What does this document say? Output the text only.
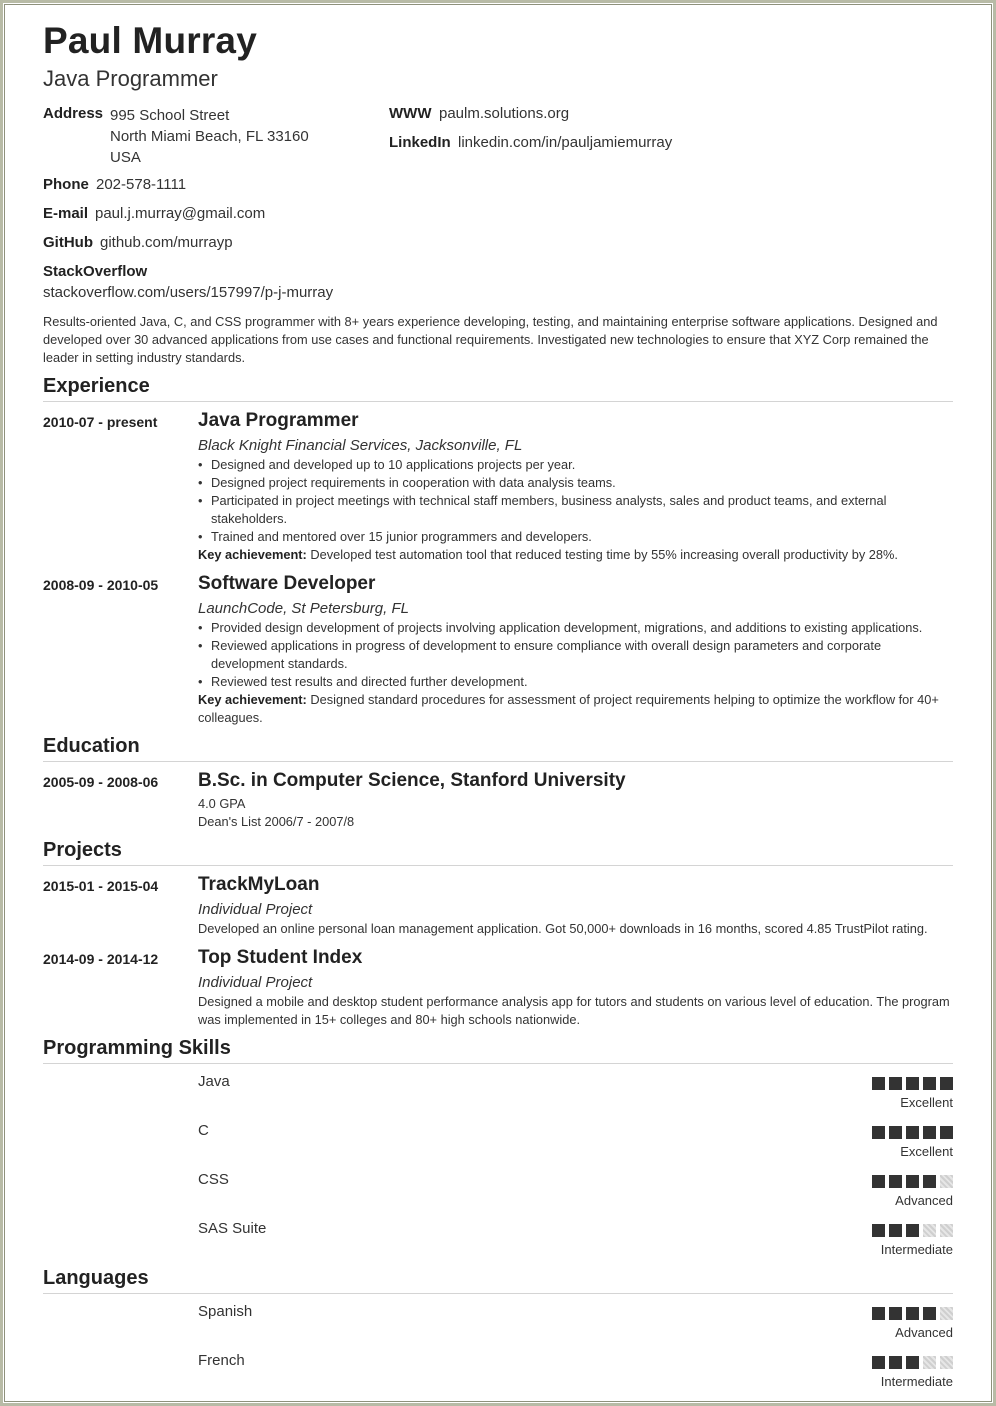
Paul Murray
Java Programmer
Address 995 School Street
North Miami Beach, FL 33160
USA
WWW paulm.solutions.org
LinkedIn linkedin.com/in/pauljamiemurray
Phone 202-578-1111
E-mail paul.j.murray@gmail.com
GitHub github.com/murrayp
StackOverflow
stackoverflow.com/users/157997/p-j-murray
Results-oriented Java, C, and CSS programmer with 8+ years experience developing, testing, and maintaining enterprise software applications. Designed and developed over 30 advanced applications from use cases and functional requirements. Investigated new technologies to ensure that XYZ Corp remained the leader in setting industry standards.
Experience
2010-07 - present Java Programmer
Black Knight Financial Services, Jacksonville, FL
• Designed and developed up to 10 applications projects per year.
• Designed project requirements in cooperation with data analysis teams.
• Participated in project meetings with technical staff members, business analysts, sales and product teams, and external stakeholders.
• Trained and mentored over 15 junior programmers and developers.
Key achievement: Developed test automation tool that reduced testing time by 55% increasing overall productivity by 28%.
2008-09 - 2010-05 Software Developer
LaunchCode, St Petersburg, FL
• Provided design development of projects involving application development, migrations, and additions to existing applications.
• Reviewed applications in progress of development to ensure compliance with overall design parameters and corporate development standards.
• Reviewed test results and directed further development.
Key achievement: Designed standard procedures for assessment of project requirements helping to optimize the workflow for 40+ colleagues.
Education
2005-09 - 2008-06 B.Sc. in Computer Science, Stanford University
4.0 GPA
Dean's List 2006/7 - 2007/8
Projects
2015-01 - 2015-04 TrackMyLoan
Individual Project
Developed an online personal loan management application. Got 50,000+ downloads in 16 months, scored 4.85 TrustPilot rating.
2014-09 - 2014-12 Top Student Index
Individual Project
Designed a mobile and desktop student performance analysis app for tutors and students on various level of education. The program was implemented in 15+ colleges and 80+ high schools nationwide.
Programming Skills
Java
Excellent
C
Excellent
CSS
Advanced
SAS Suite
Intermediate
Languages
Spanish
Advanced
French
Intermediate
